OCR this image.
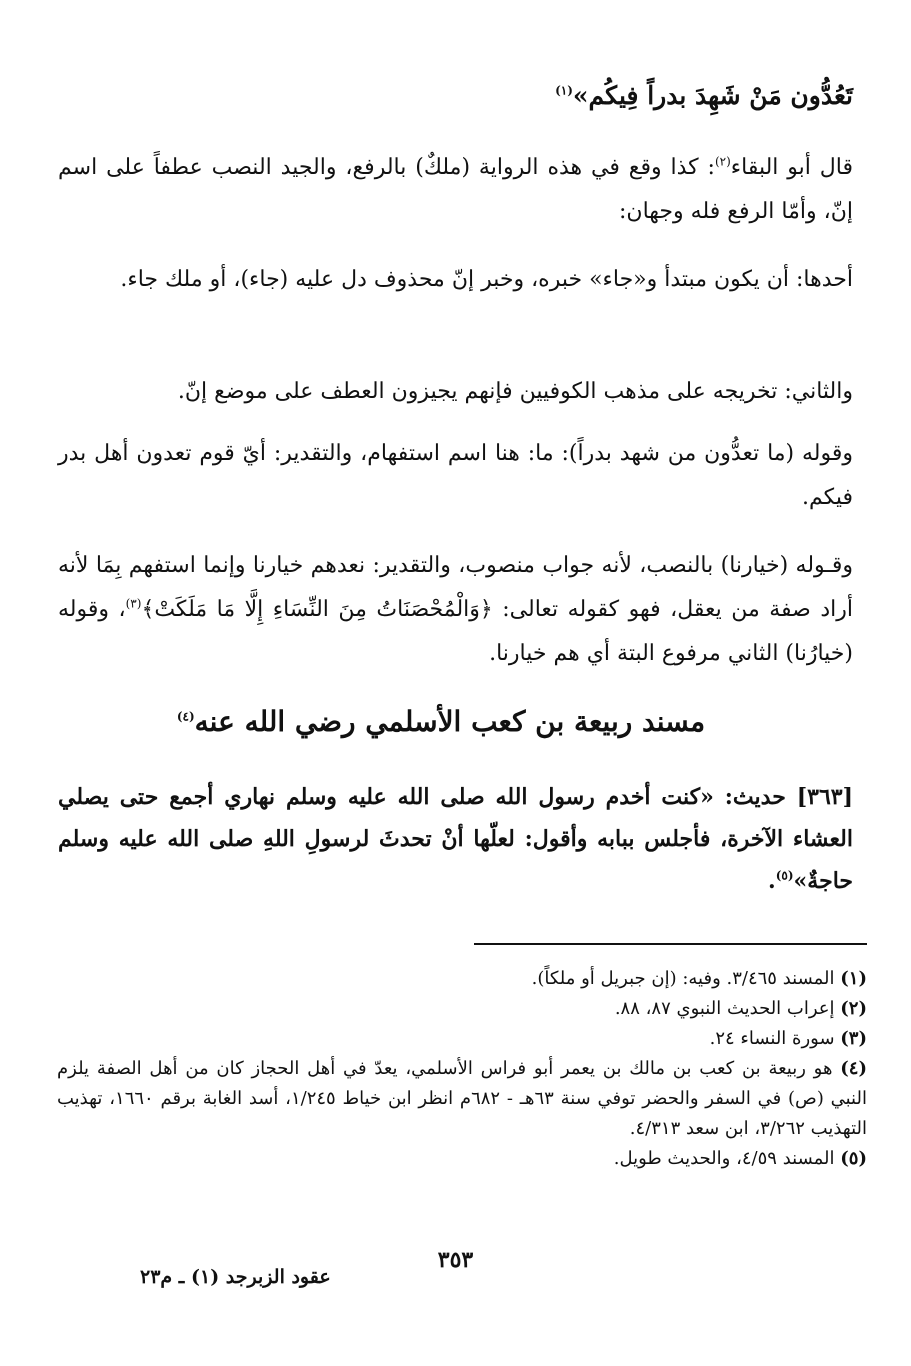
تَعُدُّون مَنْ شَهِدَ بدراً فِيكُم»$^{(١)}$

قال أبو البقاء$^{(٢)}$: كذا وقع في هذه الرواية (ملكٌ) بالرفع، والجيد النصب عطفاً على اسم إنّ، وأمّا الرفع فله وجهان:

أحدها: أن يكون مبتدأ و«جاء» خبره، وخبر إنّ محذوف دل عليه (جاء)، أو ملك جاء.

والثاني: تخريجه على مذهب الكوفيين فإنهم يجيزون العطف على موضع إنّ.

وقوله (ما تعدُّون من شهد بدراً): ما: هنا اسم استفهام، والتقدير: أيّ قوم تعدون أهل بدر فيكم.

وقـوله (خيارنا) بالنصب، لأنه جواب منصوب، والتقدير: نعدهم خيارنا وإنما استفهم بِمَا لأنه أراد صفة من يعقل، فهو كقوله تعالى: ﴿وَالْمُحْصَنَاتُ مِنَ النِّسَاءِ إِلَّا مَا مَلَكَتْ﴾$^{(٣)}$، وقوله (خيارُنا) الثاني مرفوع البتة أي هم خيارنا.

مسند ربيعة بن كعب الأسلمي رضي الله عنه$^{(٤)}$

[٣٦٣] حديث: «كنت أخدم رسول الله صلى الله عليه وسلم نهاري أجمع حتى يصلي العشاء الآخرة، فأجلس ببابه وأقول: لعلّها أنْ تحدثَ لرسولِ اللهِ صلى الله عليه وسلم حاجةٌ»$^{(٥)}$.

(١) المسند ٣/٤٦٥. وفيه: (إن جبريل أو ملكاً).
(٢) إعراب الحديث النبوي ٨٧، ٨٨.
(٣) سورة النساء ٢٤.
(٤) هو ربيعة بن كعب بن مالك بن يعمر أبو فراس الأسلمي، يعدّ في أهل الحجاز كان من أهل الصفة يلزم النبي (ص) في السفر والحضر توفي سنة ٦٣هـ - ٦٨٢م انظر ابن خياط ١/٢٤٥، أسد الغابة برقم ١٦٦٠، تهذيب التهذيب ٣/٢٦٢، ابن سعد ٤/٣١٣.
(٥) المسند ٤/٥٩، والحديث طويل.
٣٥٣
عقود الزبرجد (١) ـ م٢٣
